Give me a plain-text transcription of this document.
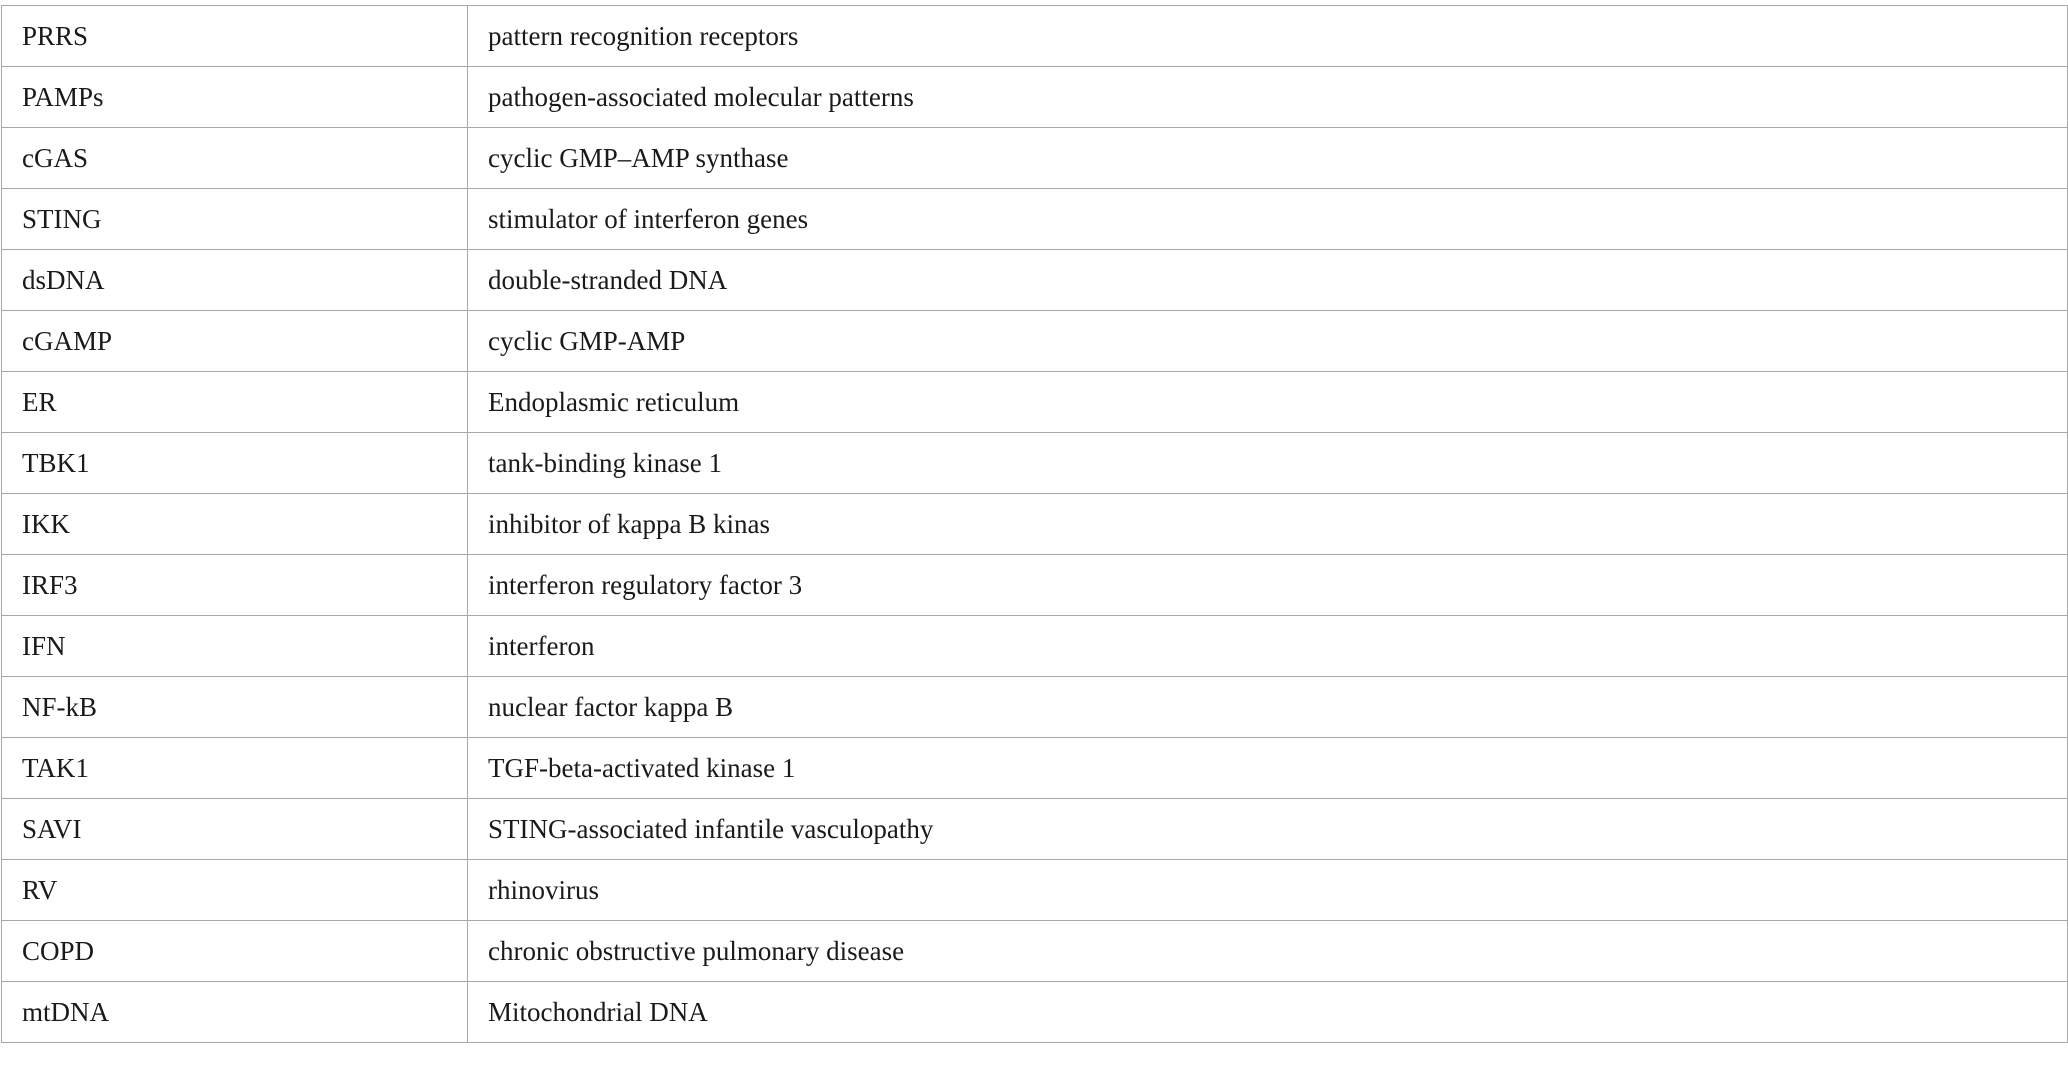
PRRS	pattern recognition receptors
PAMPs	pathogen-associated molecular patterns
cGAS	cyclic GMP–AMP synthase
STING	stimulator of interferon genes
dsDNA	double-stranded DNA
cGAMP	cyclic GMP-AMP
ER	Endoplasmic reticulum
TBK1	tank-binding kinase 1
IKK	inhibitor of kappa B kinas
IRF3	interferon regulatory factor 3
IFN	interferon
NF-kB	nuclear factor kappa B
TAK1	TGF-beta-activated kinase 1
SAVI	STING-associated infantile vasculopathy
RV	rhinovirus
COPD	chronic obstructive pulmonary disease
mtDNA	Mitochondrial DNA
